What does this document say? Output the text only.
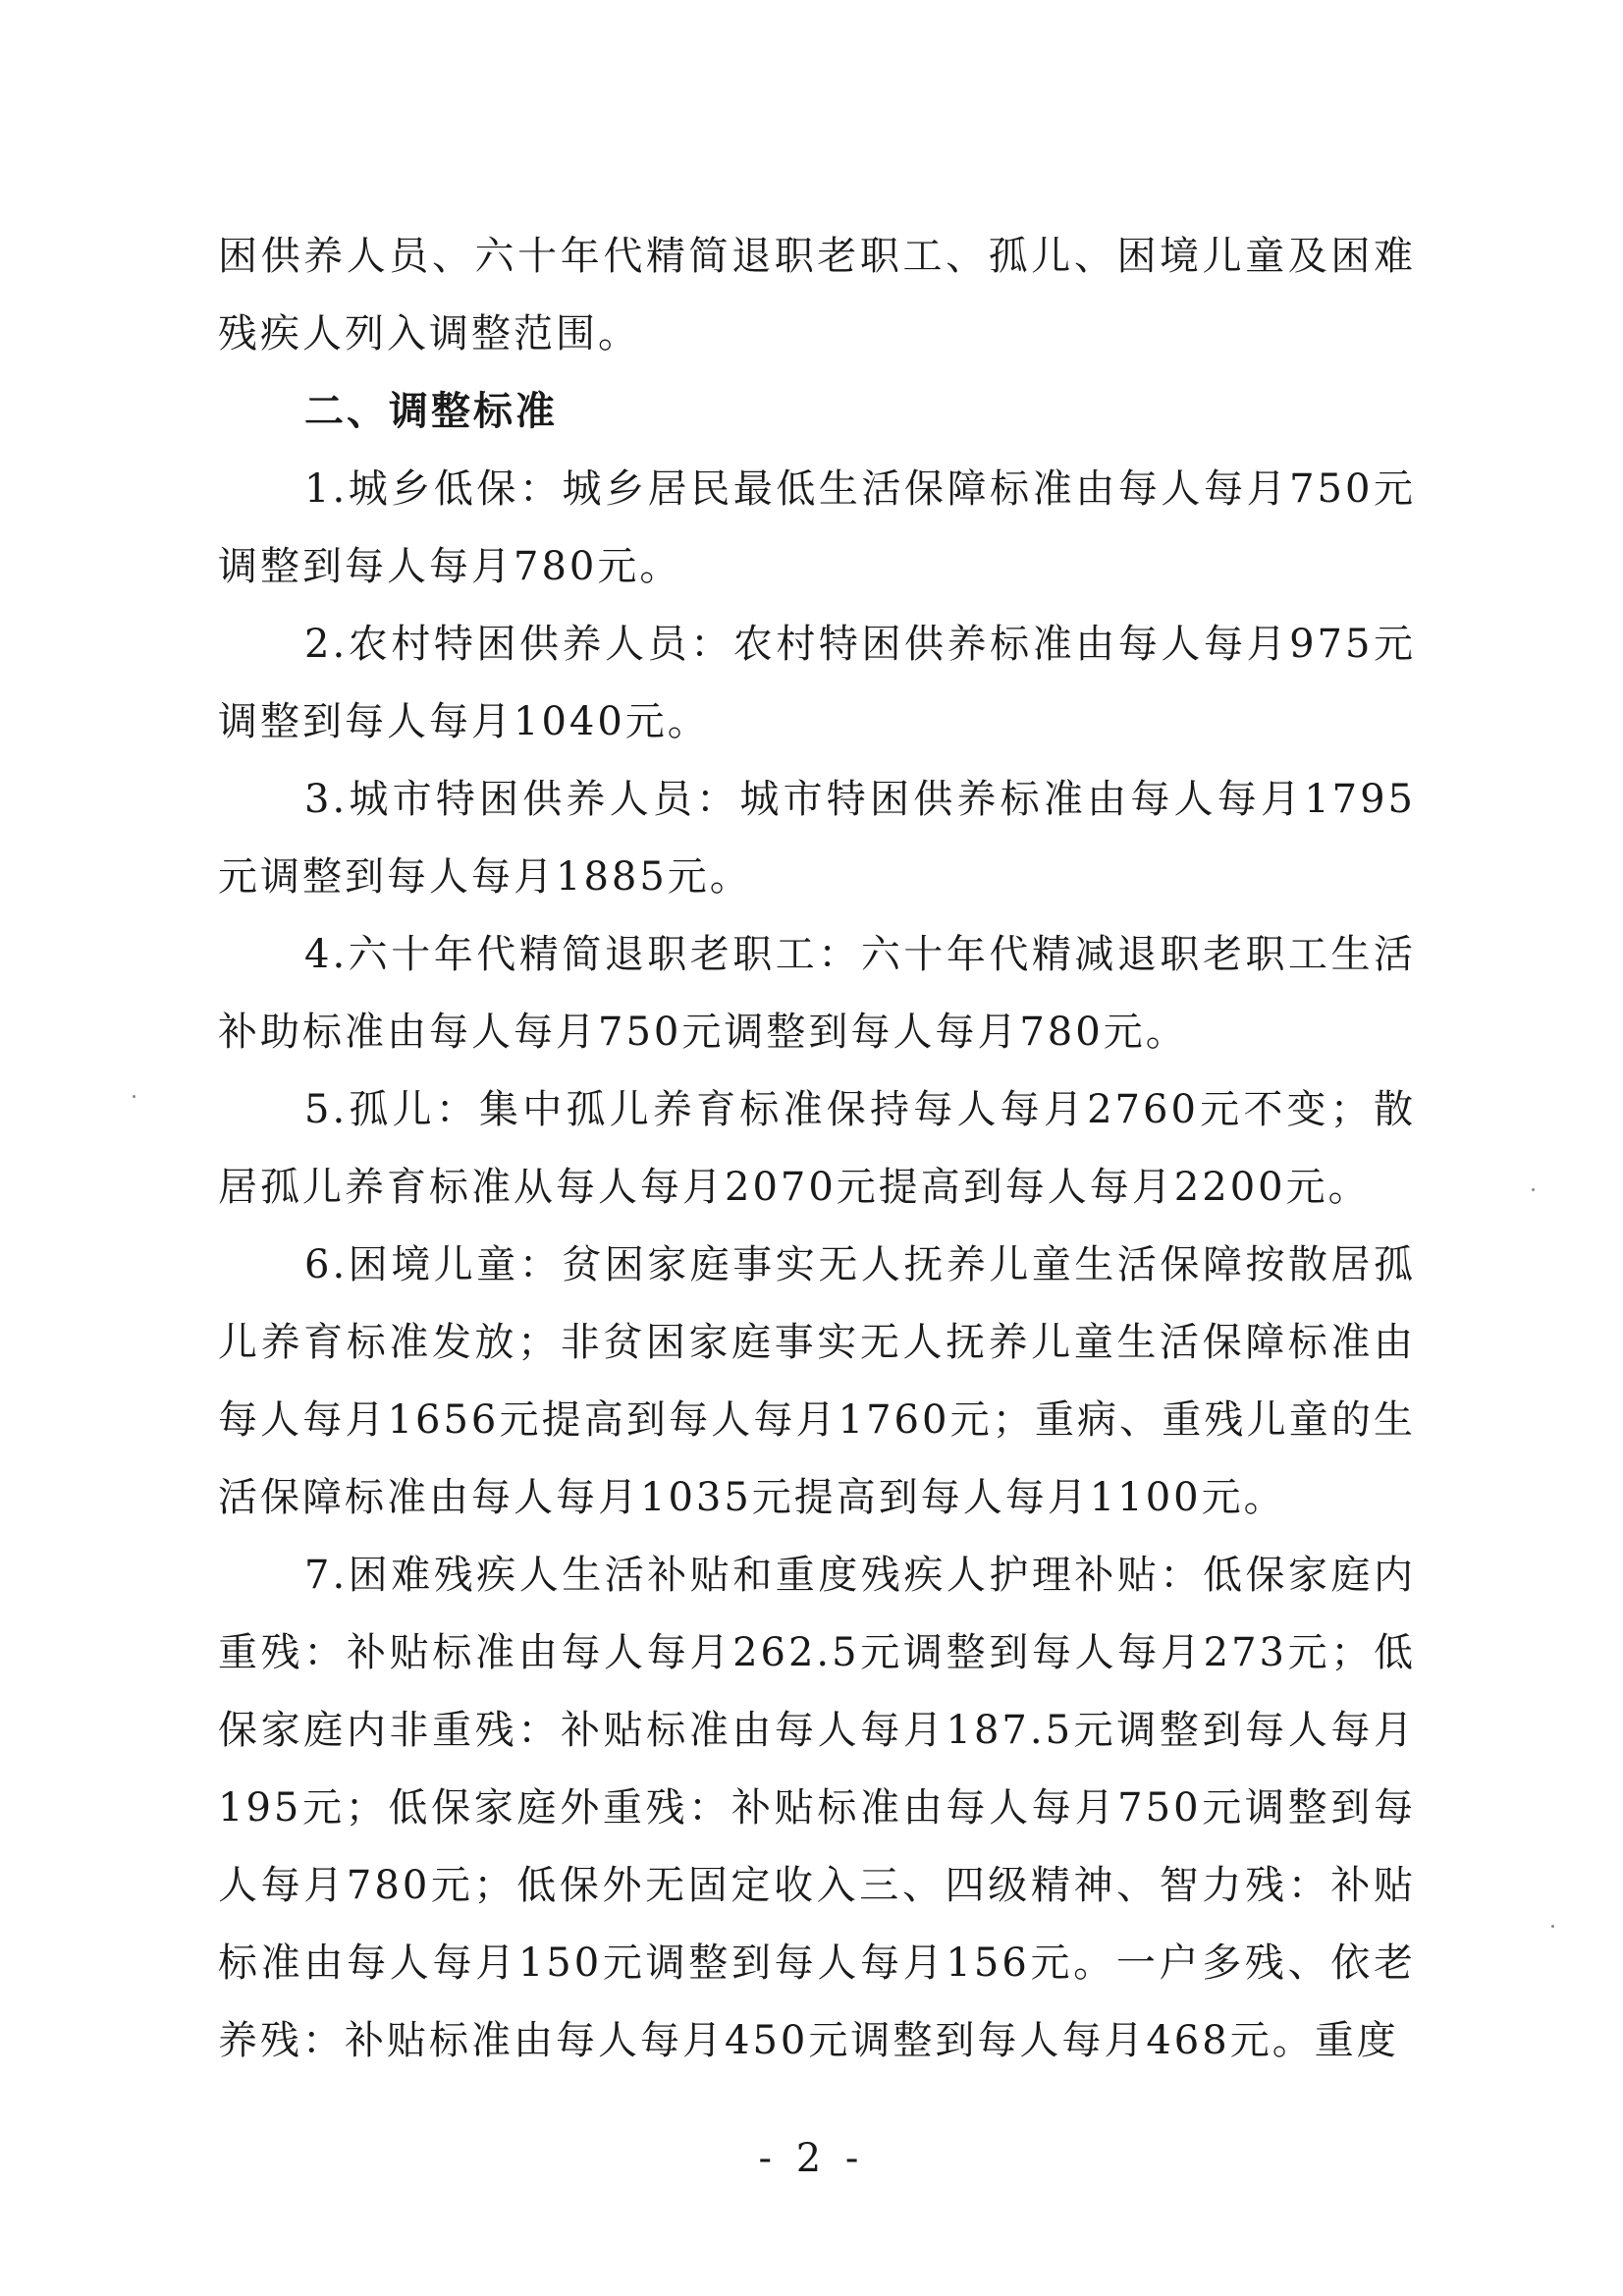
困供养人员、六十年代精简退职老职工、孤儿、困境儿童及困难残疾人列入调整范围。

二、调整标准

1.城乡低保：城乡居民最低生活保障标准由每人每月750元调整到每人每月780元。

2.农村特困供养人员：农村特困供养标准由每人每月975元调整到每人每月1040元。

3.城市特困供养人员：城市特困供养标准由每人每月1795元调整到每人每月1885元。

4.六十年代精简退职老职工：六十年代精减退职老职工生活补助标准由每人每月750元调整到每人每月780元。

5.孤儿：集中孤儿养育标准保持每人每月2760元不变；散居孤儿养育标准从每人每月2070元提高到每人每月2200元。

6.困境儿童：贫困家庭事实无人抚养儿童生活保障按散居孤儿养育标准发放；非贫困家庭事实无人抚养儿童生活保障标准由每人每月1656元提高到每人每月1760元；重病、重残儿童的生活保障标准由每人每月1035元提高到每人每月1100元。

7.困难残疾人生活补贴和重度残疾人护理补贴：低保家庭内重残：补贴标准由每人每月262.5元调整到每人每月273元；低保家庭内非重残：补贴标准由每人每月187.5元调整到每人每月195元；低保家庭外重残：补贴标准由每人每月750元调整到每人每月780元；低保外无固定收入三、四级精神、智力残：补贴标准由每人每月150元调整到每人每月156元。一户多残、依老养残：补贴标准由每人每月450元调整到每人每月468元。重度

- 2 -
